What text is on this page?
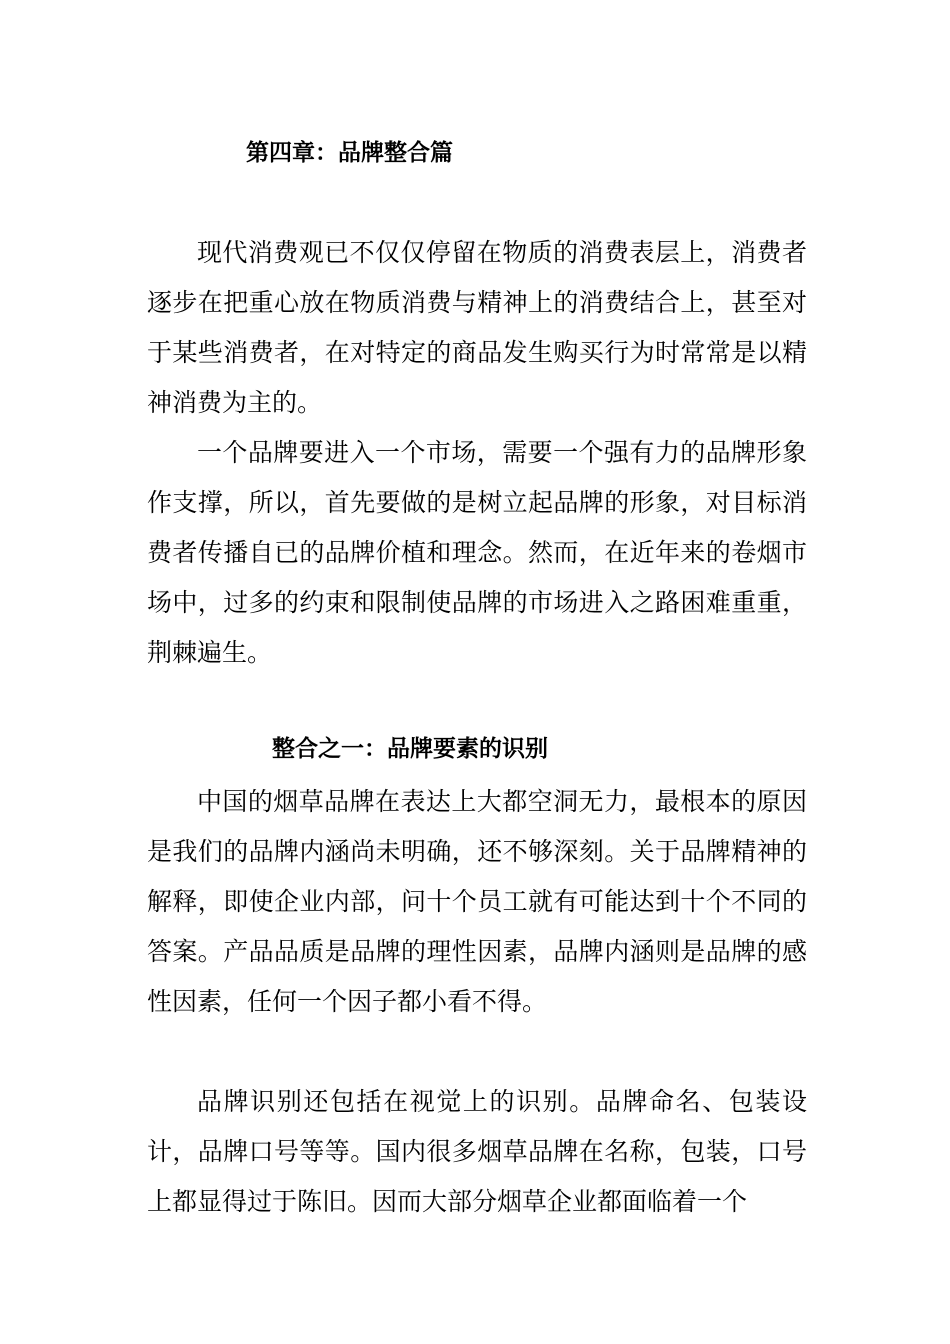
第四章：品牌整合篇

现代消费观已不仅仅停留在物质的消费表层上，消费者逐步在把重心放在物质消费与精神上的消费结合上，甚至对于某些消费者，在对特定的商品发生购买行为时常常是以精神消费为主的。

一个品牌要进入一个市场，需要一个强有力的品牌形象作支撑，所以，首先要做的是树立起品牌的形象，对目标消费者传播自已的品牌价植和理念。然而，在近年来的卷烟市场中，过多的约束和限制使品牌的市场进入之路困难重重，荆棘遍生。

整合之一：品牌要素的识别

中国的烟草品牌在表达上大都空洞无力，最根本的原因是我们的品牌内涵尚未明确，还不够深刻。关于品牌精神的解释，即使企业内部，问十个员工就有可能达到十个不同的答案。产品品质是品牌的理性因素，品牌内涵则是品牌的感性因素，任何一个因子都小看不得。

品牌识别还包括在视觉上的识别。品牌命名、包装设计，品牌口号等等。国内很多烟草品牌在名称，包装，口号上都显得过于陈旧。因而大部分烟草企业都面临着一个
